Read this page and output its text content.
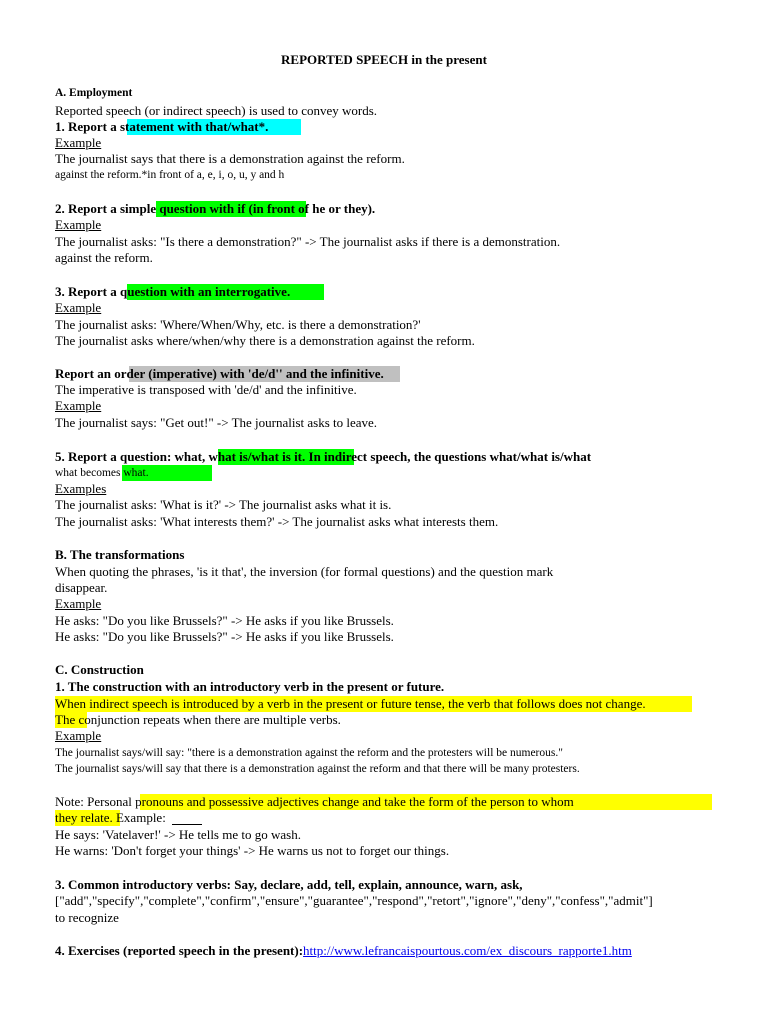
REPORTED SPEECH in the present
A. Employment
Reported speech (or indirect speech) is used to convey words.
1. Report a statement with that/what*.
Example
The journalist says that there is a demonstration against the reform.
against the reform.*in front of a, e, i, o, u, y and h
2. Report a simple question with if (in front of he or they).
Example
The journalist asks: "Is there a demonstration?" -> The journalist asks if there is a demonstration.
against the reform.
3. Report a question with an interrogative.
Example
The journalist asks: 'Where/When/Why, etc. is there a demonstration?'
The journalist asks where/when/why there is a demonstration against the reform.
Report an order (imperative) with 'de/d'' and the infinitive.
The imperative is transposed with 'de/d' and the infinitive.
Example
The journalist says: "Get out!" -> The journalist asks to leave.
5. Report a question: what, what is/what is it. In indirect speech, the questions what/what is/what
what becomes what.
Examples
The journalist asks: 'What is it?' -> The journalist asks what it is.
The journalist asks: 'What interests them?' -> The journalist asks what interests them.
B. The transformations
When quoting the phrases, 'is it that', the inversion (for formal questions) and the question mark
disappear.
Example
He asks: "Do you like Brussels?" -> He asks if you like Brussels.
He asks: "Do you like Brussels?" -> He asks if you like Brussels.
C. Construction
1. The construction with an introductory verb in the present or future.
When indirect speech is introduced by a verb in the present or future tense, the verb that follows does not change.
The conjunction repeats when there are multiple verbs.
Example
The journalist says/will say: "there is a demonstration against the reform and the protesters will be numerous."
The journalist says/will say that there is a demonstration against the reform and that there will be many protesters.
Note: Personal pronouns and possessive adjectives change and take the form of the person to whom
they relate. Example:
He says: 'Vatelaver!' -> He tells me to go wash.
He warns: 'Don't forget your things' -> He warns us not to forget our things.
3. Common introductory verbs: Say, declare, add, tell, explain, announce, warn, ask,
["add","specify","complete","confirm","ensure","guarantee","respond","retort","ignore","deny","confess","admit"]
to recognize
4. Exercises (reported speech in the present):http://www.lefrancaispourtous.com/ex_discours_rapporte1.htm
